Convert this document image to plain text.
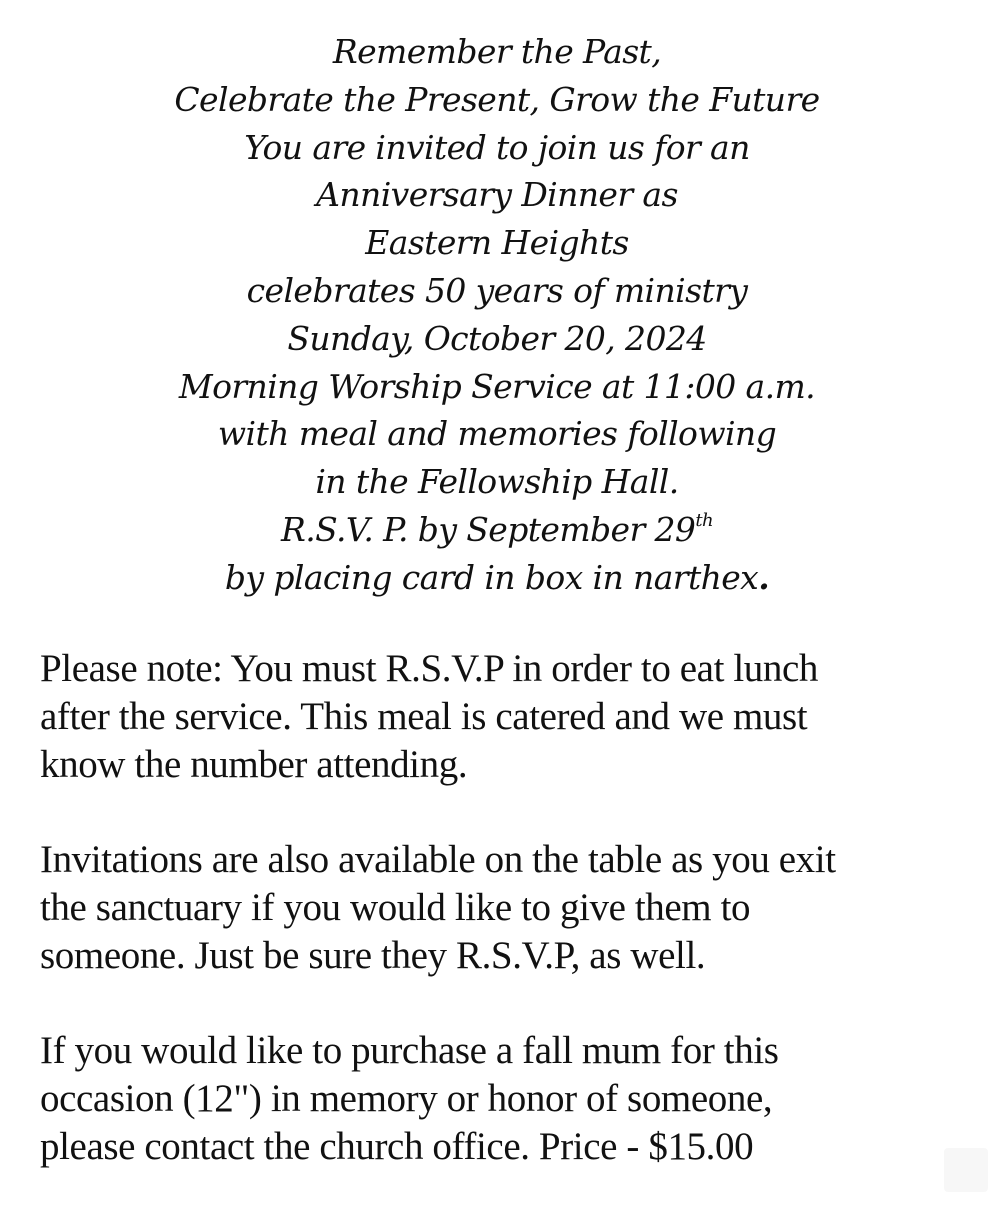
Remember the Past,
Celebrate the Present, Grow the Future
You are invited to join us for an
Anniversary Dinner as
Eastern Heights
celebrates 50 years of ministry
Sunday, October 20, 2024
Morning Worship Service at 11:00 a.m.
with meal and memories following
in the Fellowship Hall.
R.S.V. P. by September 29th
by placing card in box in narthex.
Please note: You must R.S.V.P in order to eat lunch
after the service. This meal is catered and we must
know the number attending.
Invitations are also available on the table as you exit
the sanctuary if you would like to give them to
someone. Just be sure they R.S.V.P, as well.
If you would like to purchase a fall mum for this
occasion (12") in memory or honor of someone,
please contact the church office. Price - $15.00
